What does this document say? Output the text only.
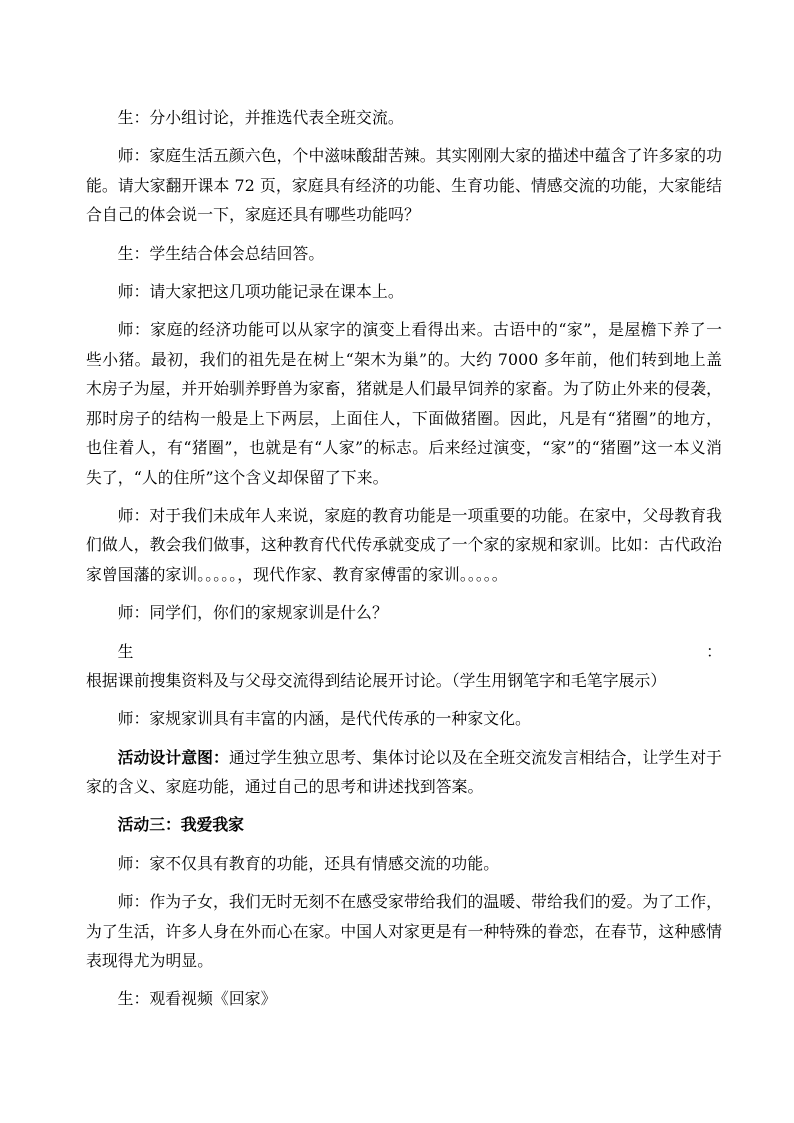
生：分小组讨论，并推选代表全班交流。

师：家庭生活五颜六色，个中滋味酸甜苦辣。其实刚刚大家的描述中蕴含了许多家的功能。请大家翻开课本 72 页，家庭具有经济的功能、生育功能、情感交流的功能，大家能结合自己的体会说一下，家庭还具有哪些功能吗？

生：学生结合体会总结回答。

师：请大家把这几项功能记录在课本上。

师：家庭的经济功能可以从家字的演变上看得出来。古语中的“家”，是屋檐下养了一些小猪。最初，我们的祖先是在树上“架木为巢”的。大约 7000 多年前，他们转到地上盖木房子为屋，并开始驯养野兽为家畜，猪就是人们最早饲养的家畜。为了防止外来的侵袭，那时房子的结构一般是上下两层，上面住人，下面做猪圈。因此，凡是有“猪圈”的地方，也住着人，有“猪圈”，也就是有“人家”的标志。后来经过演变，“家”的“猪圈”这一本义消失了，“人的住所”这个含义却保留了下来。

师：对于我们未成年人来说，家庭的教育功能是一项重要的功能。在家中，父母教育我们做人，教会我们做事，这种教育代代传承就变成了一个家的家规和家训。比如：古代政治家曾国藩的家训。。。。。，现代作家、教育家傅雷的家训。。。。。

师：同学们，你们的家规家训是什么？

生：根据课前搜集资料及与父母交流得到结论展开讨论。（学生用钢笔字和毛笔字展示）

师：家规家训具有丰富的内涵，是代代传承的一种家文化。

活动设计意图：通过学生独立思考、集体讨论以及在全班交流发言相结合，让学生对于家的含义、家庭功能，通过自己的思考和讲述找到答案。

活动三：我爱我家

师：家不仅具有教育的功能，还具有情感交流的功能。

师：作为子女，我们无时无刻不在感受家带给我们的温暖、带给我们的爱。为了工作，为了生活，许多人身在外而心在家。中国人对家更是有一种特殊的眷恋，在春节，这种感情表现得尤为明显。

生：观看视频《回家》
